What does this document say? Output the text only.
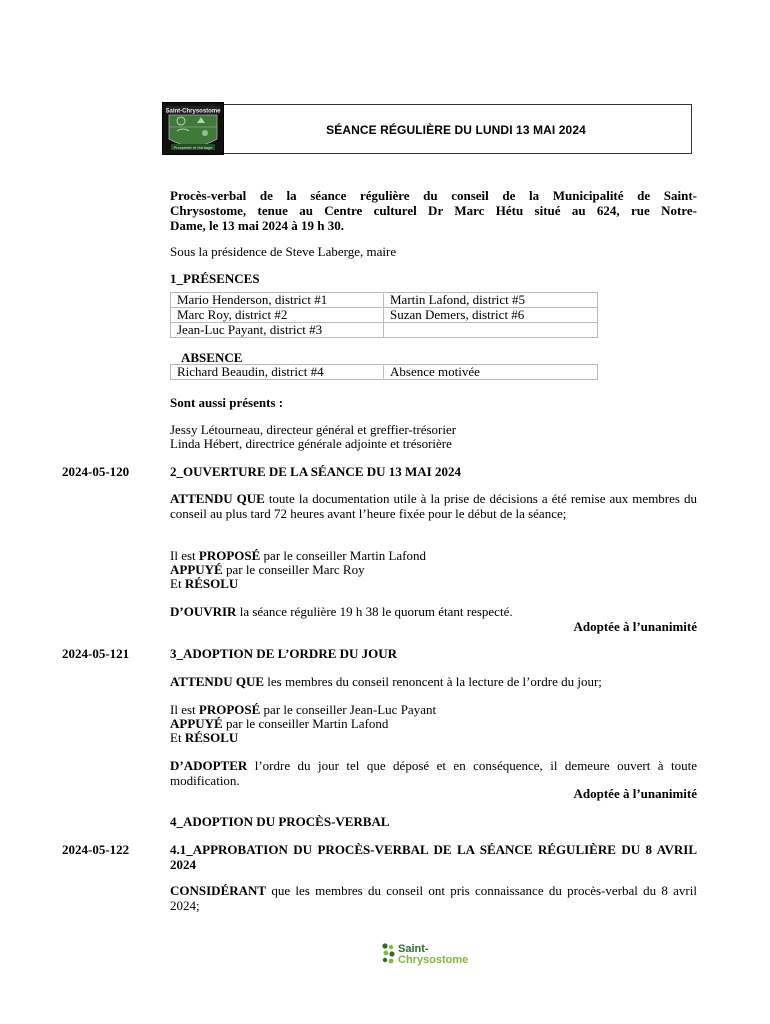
Saint-Chrysostome
Prospérité et Héritage
SÉANCE RÉGULIÈRE DU LUNDI 13 MAI 2024
Procès-verbal de la séance régulière du conseil de la Municipalité de Saint-
Chrysostome, tenue au Centre culturel Dr Marc Hétu situé au 624, rue Notre-
Dame, le 13 mai 2024 à 19 h 30.
Sous la présidence de Steve Laberge, maire
1_PRÉSENCES
Mario Henderson, district #1	Martin Lafond, district #5
Marc Roy, district #2	Suzan Demers, district #6
Jean-Luc Payant, district #3	
ABSENCE
Richard Beaudin, district #4	Absence motivée
Sont aussi présents :
Jessy Létourneau, directeur général et greffier-trésorier
Linda Hébert, directrice générale adjointe et trésorière
2024-05-120	2_OUVERTURE DE LA SÉANCE DU 13 MAI 2024
ATTENDU QUE toute la documentation utile à la prise de décisions a été remise aux membres du conseil au plus tard 72 heures avant l’heure fixée pour le début de la séance;
Il est PROPOSÉ par le conseiller Martin Lafond
APPUYÉ par le conseiller Marc Roy
Et RÉSOLU
D’OUVRIR la séance régulière 19 h 38 le quorum étant respecté.
Adoptée à l’unanimité
2024-05-121	3_ADOPTION DE L’ORDRE DU JOUR
ATTENDU QUE les membres du conseil renoncent à la lecture de l’ordre du jour;
Il est PROPOSÉ par le conseiller Jean-Luc Payant
APPUYÉ par le conseiller Martin Lafond
Et RÉSOLU
D’ADOPTER l’ordre du jour tel que déposé et en conséquence, il demeure ouvert à toute modification.
Adoptée à l’unanimité
4_ADOPTION DU PROCÈS-VERBAL
2024-05-122	4.1_APPROBATION DU PROCÈS-VERBAL DE LA SÉANCE RÉGULIÈRE DU 8 AVRIL 2024
CONSIDÉRANT que les membres du conseil ont pris connaissance du procès-verbal du 8 avril 2024;
Saint-
Chrysostome
